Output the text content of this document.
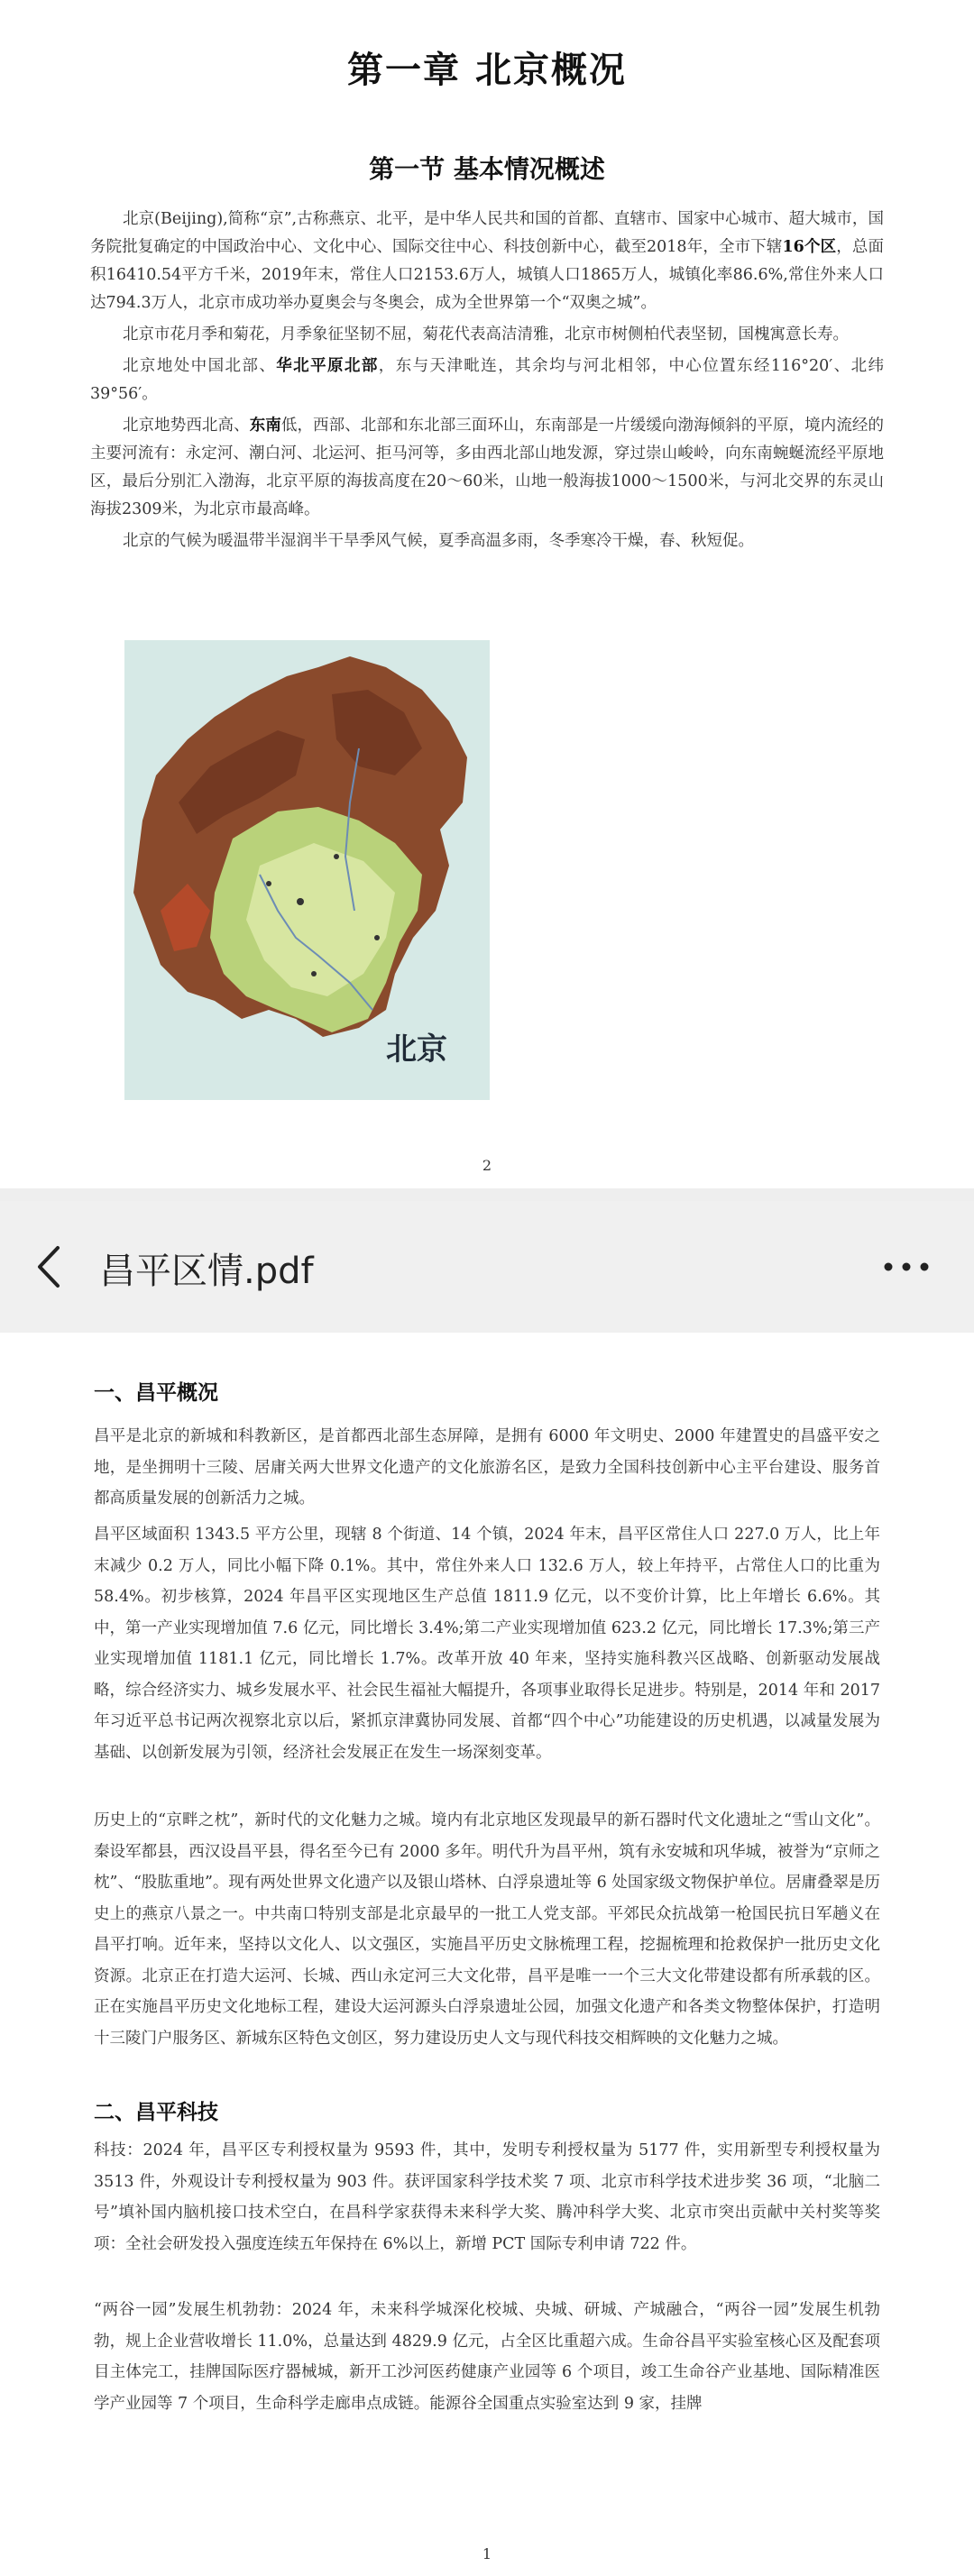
第一章 北京概况
第一节 基本情况概述

北京(Beijing),简称“京”,古称燕京、北平，是中华人民共和国的首都、直辖市、国家中心城市、超大城市，国务院批复确定的中国政治中心、文化中心、国际交往中心、科技创新中心，截至2018年，全市下辖16个区，总面积16410.54平方千米，2019年末，常住人口2153.6万人，城镇人口1865万人，城镇化率86.6%,常住外来人口达794.3万人，北京市成功举办夏奥会与冬奥会，成为全世界第一个“双奥之城”。

北京市花月季和菊花，月季象征坚韧不屈，菊花代表高洁清雅，北京市树侧柏代表坚韧，国槐寓意长寿。

北京地处中国北部、华北平原北部，东与天津毗连，其余均与河北相邻，中心位置东经116°20′、北纬39°56′。

北京地势西北高、东南低，西部、北部和东北部三面环山，东南部是一片缓缓向渤海倾斜的平原，境内流经的主要河流有：永定河、潮白河、北运河、拒马河等，多由西北部山地发源，穿过崇山峻岭，向东南蜿蜒流经平原地区，最后分别汇入渤海，北京平原的海拔高度在20～60米，山地一般海拔1000～1500米，与河北交界的东灵山海拔2309米，为北京市最高峰。

北京的气候为暖温带半湿润半干旱季风气候，夏季高温多雨，冬季寒冷干燥，春、秋短促。

北京
2
昌平区情.pdf
一、昌平概况
昌平是北京的新城和科教新区，是首都西北部生态屏障，是拥有 6000 年文明史、2000 年建置史的昌盛平安之地，是坐拥明十三陵、居庸关两大世界文化遗产的文化旅游名区，是致力全国科技创新中心主平台建设、服务首都高质量发展的创新活力之城。
昌平区域面积 1343.5 平方公里，现辖 8 个街道、14 个镇，2024 年末，昌平区常住人口 227.0 万人，比上年末减少 0.2 万人，同比小幅下降 0.1%。其中，常住外来人口 132.6 万人，较上年持平，占常住人口的比重为 58.4%。初步核算，2024 年昌平区实现地区生产总值 1811.9 亿元，以不变价计算，比上年增长 6.6%。其中，第一产业实现增加值 7.6 亿元，同比增长 3.4%;第二产业实现增加值 623.2 亿元，同比增长 17.3%;第三产业实现增加值 1181.1 亿元，同比增长 1.7%。改革开放 40 年来，坚持实施科教兴区战略、创新驱动发展战略，综合经济实力、城乡发展水平、社会民生福祉大幅提升，各项事业取得长足进步。特别是，2014 年和 2017 年习近平总书记两次视察北京以后，紧抓京津冀协同发展、首都“四个中心”功能建设的历史机遇，以减量发展为基础、以创新发展为引领，经济社会发展正在发生一场深刻变革。
历史上的“京畔之枕”，新时代的文化魅力之城。境内有北京地区发现最早的新石器时代文化遗址之“雪山文化”。秦设军都县，西汉设昌平县，得名至今已有 2000 多年。明代升为昌平州，筑有永安城和巩华城，被誉为“京师之枕”、“股肱重地”。现有两处世界文化遗产以及银山塔林、白浮泉遗址等 6 处国家级文物保护单位。居庸叠翠是历史上的燕京八景之一。中共南口特别支部是北京最早的一批工人党支部。平郊民众抗战第一枪国民抗日军趟义在昌平打响。近年来，坚持以文化人、以文强区，实施昌平历史文脉梳理工程，挖掘梳理和抢救保护一批历史文化资源。北京正在打造大运河、长城、西山永定河三大文化带，昌平是唯一一个三大文化带建设都有所承载的区。正在实施昌平历史文化地标工程，建设大运河源头白浮泉遗址公园，加强文化遗产和各类文物整体保护，打造明十三陵门户服务区、新城东区特色文创区，努力建设历史人文与现代科技交相辉映的文化魅力之城。
二、昌平科技
科技：2024 年，昌平区专利授权量为 9593 件，其中，发明专利授权量为 5177 件，实用新型专利授权量为 3513 件，外观设计专利授权量为 903 件。获评国家科学技术奖 7 项、北京市科学技术进步奖 36 项，“北脑二号”填补国内脑机接口技术空白，在昌科学家获得未来科学大奖、腾冲科学大奖、北京市突出贡献中关村奖等奖项：全社会研发投入强度连续五年保持在 6%以上，新增 PCT 国际专利申请 722 件。
“两谷一园”发展生机勃勃：2024 年，未来科学城深化校城、央城、研城、产城融合，“两谷一园”发展生机勃勃，规上企业营收增长 11.0%，总量达到 4829.9 亿元，占全区比重超六成。生命谷昌平实验室核心区及配套项目主体完工，挂牌国际医疗器械城，新开工沙河医药健康产业园等 6 个项目，竣工生命谷产业基地、国际精准医学产业园等 7 个项目，生命科学走廊串点成链。能源谷全国重点实验室达到 9 家，挂牌
1
